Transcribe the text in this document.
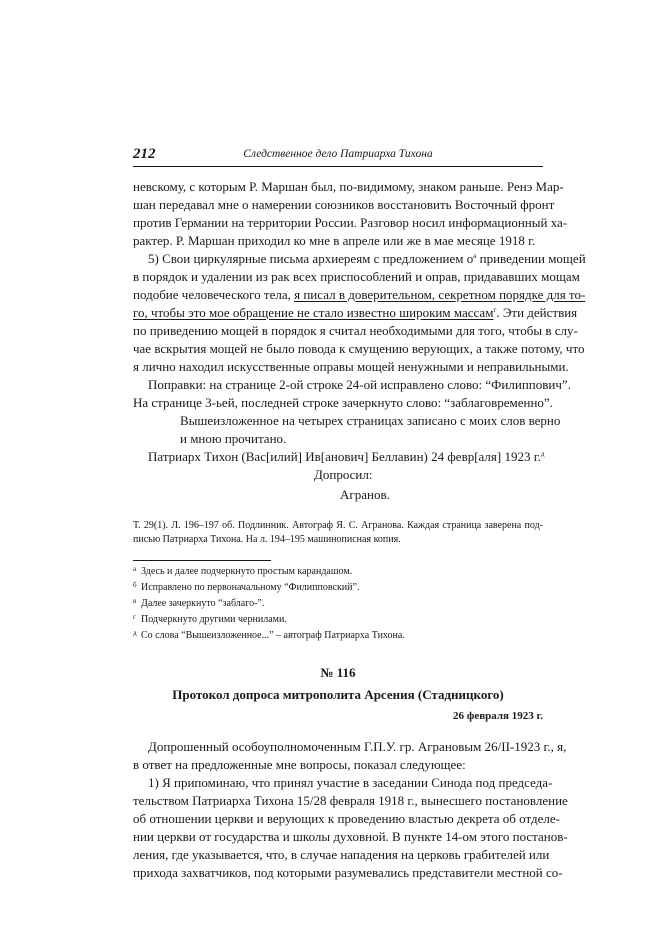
212	Следственное дело Патриарха Тихона
невскому, с которым Р. Маршан был, по-видимому, знаком раньше. Ренэ Мар-
шан передавал мне о намерении союзников восстановить Восточный фронт
против Германии на территории России. Разговор носил информационный ха-
рактер. Р. Маршан приходил ко мне в апреле или же в мае месяце 1918 г.
5) Свои циркулярные письма архиереям с предложением $о^а$ приведении мощей
в порядок и удалении из рак всех приспособлений и оправ, придававших мощам
подобие человеческого тела, я писал в доверительном, секретном порядке для то-
го, чтобы это мое обращение не стало известно широким массам$^г$. Эти действия
по приведению мощей в порядок я считал необходимыми для того, чтобы в слу-
чае вскрытия мощей не было повода к смущению верующих, а также потому, что
я лично находил искусственные оправы мощей ненужными и неправильными.
Поправки: на странице 2-ой строке 24-ой исправлено слово: “Филиппович”.
На странице 3-ьей, последней строке зачеркнуто слово: “заблаговременно”.
Вышеизложенное на четырех страницах записано с моих слов верно
и мною прочитано.
Патриарх Тихон (Вас[илий] Ив[анович] Беллавин) 24 февр[аля] 1923 г.$^д$
Допросил:
Агранов.
Т. 29(1). Л. 196–197 об. Подлинник. Автограф Я. С. Агранова. Каждая страница заверена под-
писью Патриарха Тихона. На л. 194–195 машинописная копия.
а Здесь и далее подчеркнуто простым карандашом.
б Исправлено по первоначальному “Филипповский”.
в Далее зачеркнуто “заблаго-”.
г Подчеркнуто другими чернилами.
д Со слова “Вышеизложенное...” – автограф Патриарха Тихона.
№ 116
Протокол допроса митрополита Арсения (Стадницкого)
26 февраля 1923 г.
Допрошенный особоуполномоченным Г.П.У. гр. Аграновым 26/II-1923 г., я,
в ответ на предложенные мне вопросы, показал следующее:
1) Я припоминаю, что принял участие в заседании Синода под председа-
тельством Патриарха Тихона 15/28 февраля 1918 г., вынесшего постановление
об отношении церкви и верующих к проведению властью декрета об отделе-
нии церкви от государства и школы духовной. В пункте 14-ом этого постанов-
ления, где указывается, что, в случае нападения на церковь грабителей или
прихода захватчиков, под которыми разумевались представители местной со-
